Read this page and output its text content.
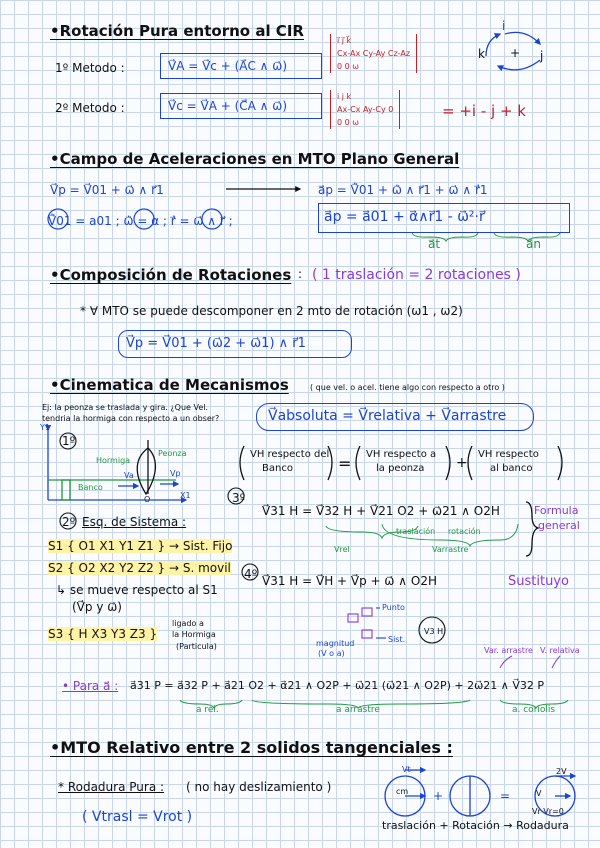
•Rotación Pura entorno al CIR
1º Metodo :	V⃗A = V⃗c + (A⃗C ∧ ω⃗)
i⃗ j⃗ k⃗
Cx-Ax Cy-Ay Cz-Az
0 0 ω
i
k	j
+
2º Metodo :	V⃗c = V⃗A + (C⃗A ∧ ω⃗)
i j k
Ax-Cx Ay-Cy 0
0 0 ω
= +i - j + k
•Campo de Aceleraciones en MTO Plano General
V⃗p = V⃗01 + ω⃗ ∧ r⃗1	a⃗p = V⃗̇01 + ω⃗̇ ∧ r⃗1 + ω⃗ ∧ ṙ⃗1
V⃗̇01 = a01 ; ω⃗̇ = α ; ṙ⃗ = ω⃗ ∧ r⃗ ;	a⃗p = a⃗01 + α⃗∧r⃗1 - ω⃗²·r⃗
a⃗t	a⃗n
•Composición de Rotaciones : ( 1 traslación = 2 rotaciones )
* ∀ MTO se puede descomponer en 2 mto de rotación (ω1 , ω2)
V⃗p = V⃗01 + (ω⃗2 + ω⃗1) ∧ r⃗1
•Cinematica de Mecanismos	( que vel. o acel. tiene algo con respecto a otro )
Ej: la peonza se traslada y gira. ¿Que Vel.
tendria la hormiga con respecto a un obser?	V⃗absoluta = V⃗relativa + V⃗arrastre
1º
Hormiga
Peonza
Banco
O
Va	Vp
Y1
X1
VH respecto del
Banco	= VH respecto a
la peonza +
VH respecto
al banco
2º Esq. de Sistema :
S1 { O1 X1 Y1 Z1 } → Sist. Fijo
S2 { O2 X2 Y2 Z2 } → S. movil
↳ se mueve respecto al S1
(V⃗p y ω⃗)
S3 { H X3 Y3 Z3 }
ligado a
la Hormiga
(Particula)
3º
V⃗31 H = V⃗32 H + V⃗21 O2 + ω⃗21 ∧ O2H
traslación rotación
Vrel	Varrastre
Formula
general
4º V⃗31 H = V⃗H + V⃗p + ω⃗ ∧ O2H	Sustituyo
Punto
Sist.
magnitud
(V o a)
V3 H
Var. arrastre V. relativa
• Para a⃗ : a⃗31 P = a⃗32 P + a⃗21 O2 + α⃗21 ∧ O2P + ω⃗21 (ω⃗21 ∧ O2P) + 2ω⃗21 ∧ V⃗32 P
a rel.	a arrastre	a. coriolis
•MTO Relativo entre 2 solidos tangenciales :
* Rodadura Pura : ( no hay deslizamiento )
( Vtrasl = Vrot )
cm
Vt	2V
V
Vr Vr=0
traslación + Rotación → Rodadura
+	=
